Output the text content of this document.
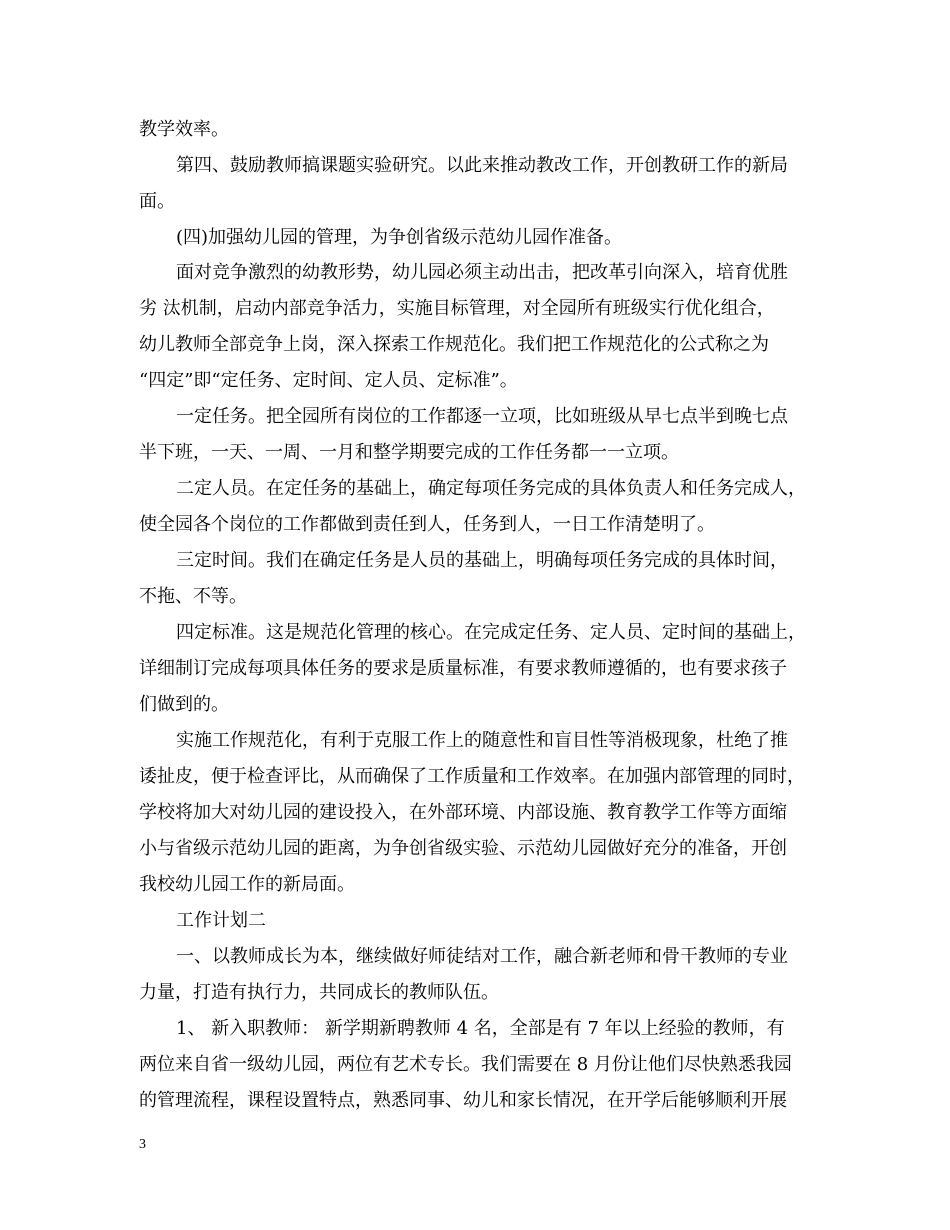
教学效率。
第四、鼓励教师搞课题实验研究。以此来推动教改工作，开创教研工作的新局
面。
(四)加强幼儿园的管理，为争创省级示范幼儿园作准备。
面对竞争激烈的幼教形势，幼儿园必须主动出击，把改革引向深入，培育优胜
劣 汰机制，启动内部竞争活力，实施目标管理，对全园所有班级实行优化组合，
幼儿教师全部竞争上岗，深入探索工作规范化。我们把工作规范化的公式称之为
“四定”即“定任务、定时间、定人员、定标准”。
一定任务。把全园所有岗位的工作都逐一立项，比如班级从早七点半到晚七点
半下班，一天、一周、一月和整学期要完成的工作任务都一一立项。
二定人员。在定任务的基础上，确定每项任务完成的具体负责人和任务完成人，
使全园各个岗位的工作都做到责任到人，任务到人，一日工作清楚明了。
三定时间。我们在确定任务是人员的基础上，明确每项任务完成的具体时间，
不拖、不等。
四定标准。这是规范化管理的核心。在完成定任务、定人员、定时间的基础上，
详细制订完成每项具体任务的要求是质量标准，有要求教师遵循的，也有要求孩子
们做到的。
实施工作规范化，有利于克服工作上的随意性和盲目性等消极现象，杜绝了推
诿扯皮，便于检查评比，从而确保了工作质量和工作效率。在加强内部管理的同时，
学校将加大对幼儿园的建设投入，在外部环境、内部设施、教育教学工作等方面缩
小与省级示范幼儿园的距离，为争创省级实验、示范幼儿园做好充分的准备，开创
我校幼儿园工作的新局面。
工作计划二
一、以教师成长为本，继续做好师徒结对工作，融合新老师和骨干教师的专业
力量，打造有执行力，共同成长的教师队伍。
1、 新入职教师： 新学期新聘教师 4 名，全部是有 7 年以上经验的教师，有
两位来自省一级幼儿园，两位有艺术专长。我们需要在 8 月份让他们尽快熟悉我园
的管理流程，课程设置特点，熟悉同事、幼儿和家长情况，在开学后能够顺利开展
3
